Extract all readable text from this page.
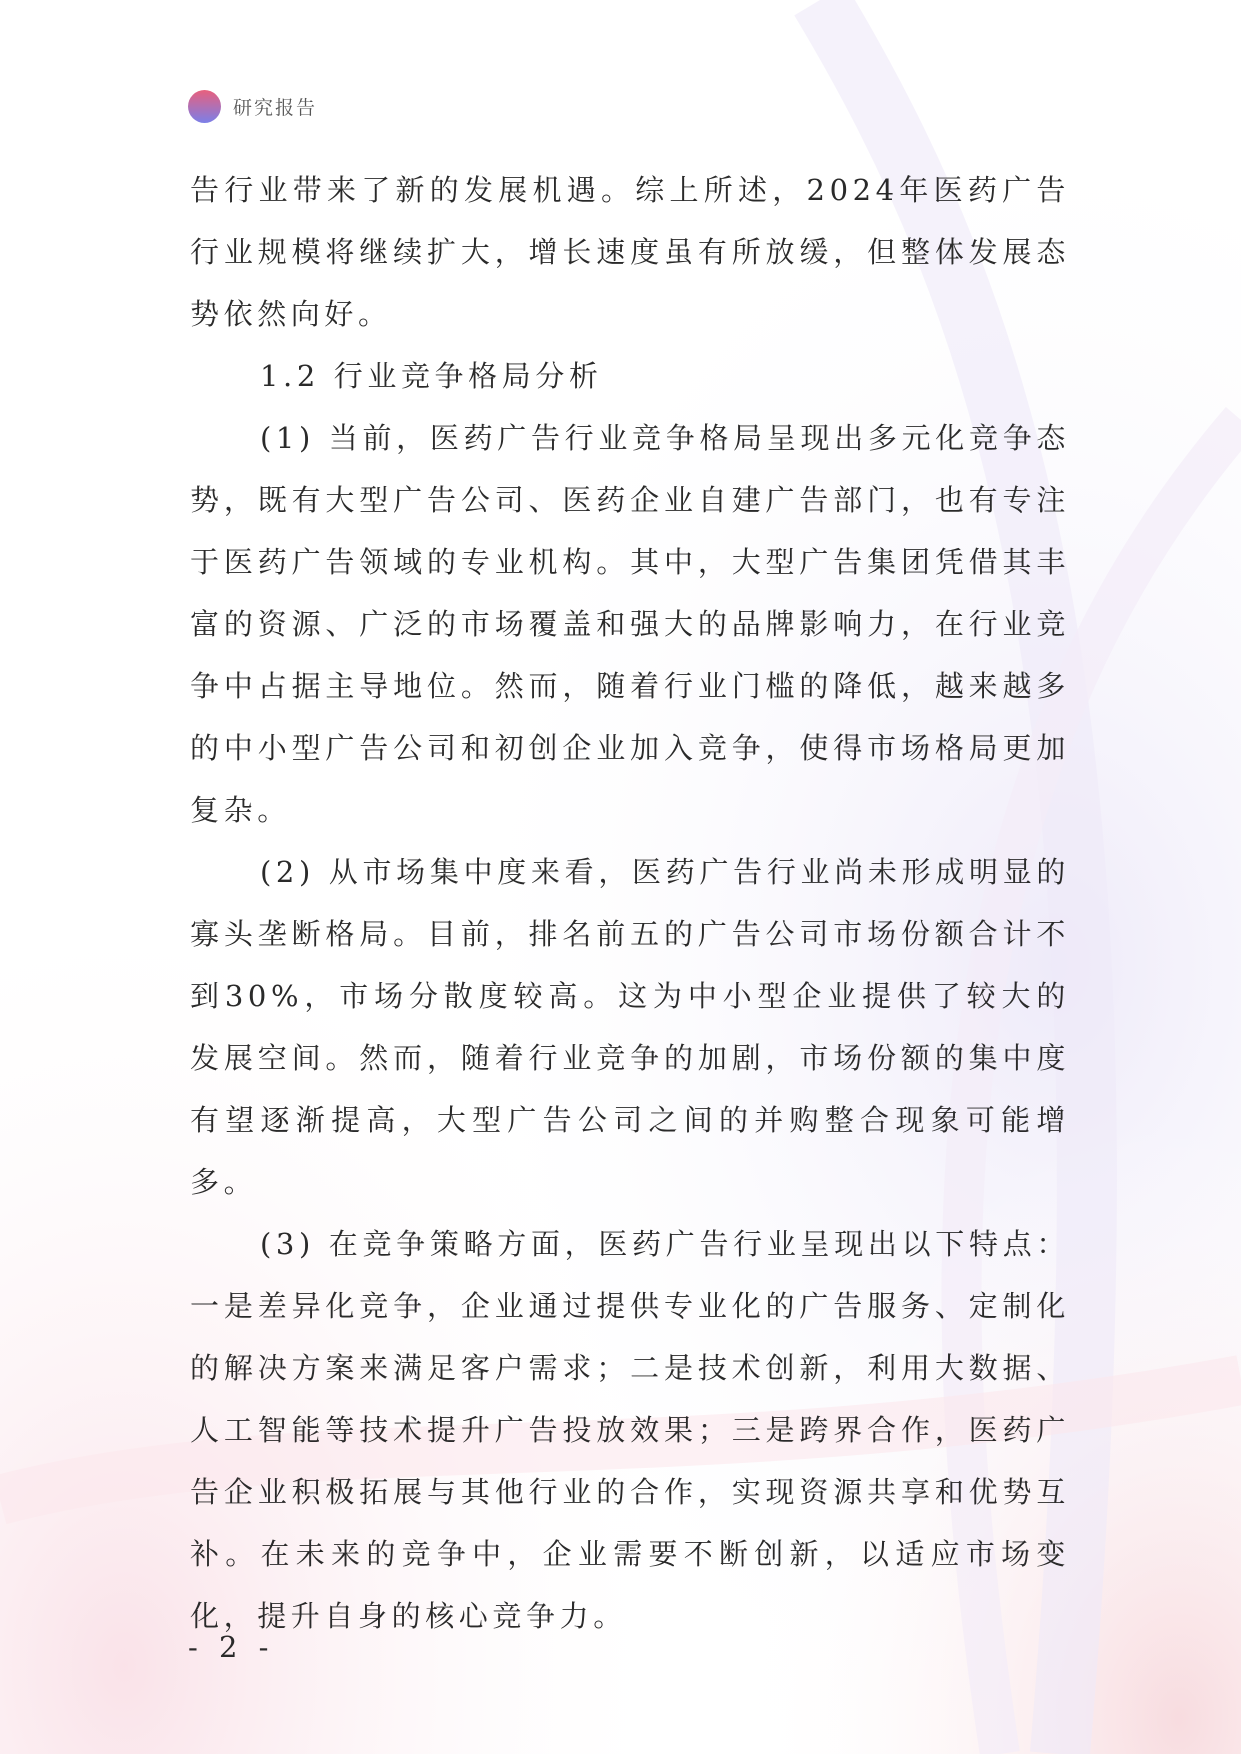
研究报告

告行业带来了新的发展机遇。综上所述，2024年医药广告行业规模将继续扩大，增长速度虽有所放缓，但整体发展态势依然向好。

1.2 行业竞争格局分析

(1) 当前，医药广告行业竞争格局呈现出多元化竞争态势，既有大型广告公司、医药企业自建广告部门，也有专注于医药广告领域的专业机构。其中，大型广告集团凭借其丰富的资源、广泛的市场覆盖和强大的品牌影响力，在行业竞争中占据主导地位。然而，随着行业门槛的降低，越来越多的中小型广告公司和初创企业加入竞争，使得市场格局更加复杂。

(2) 从市场集中度来看，医药广告行业尚未形成明显的寡头垄断格局。目前，排名前五的广告公司市场份额合计不到30%，市场分散度较高。这为中小型企业提供了较大的发展空间。然而，随着行业竞争的加剧，市场份额的集中度有望逐渐提高，大型广告公司之间的并购整合现象可能增多。

(3) 在竞争策略方面，医药广告行业呈现出以下特点：一是差异化竞争，企业通过提供专业化的广告服务、定制化的解决方案来满足客户需求；二是技术创新，利用大数据、人工智能等技术提升广告投放效果；三是跨界合作，医药广告企业积极拓展与其他行业的合作，实现资源共享和优势互补。在未来的竞争中，企业需要不断创新，以适应市场变化，提升自身的核心竞争力。

- 2 -
